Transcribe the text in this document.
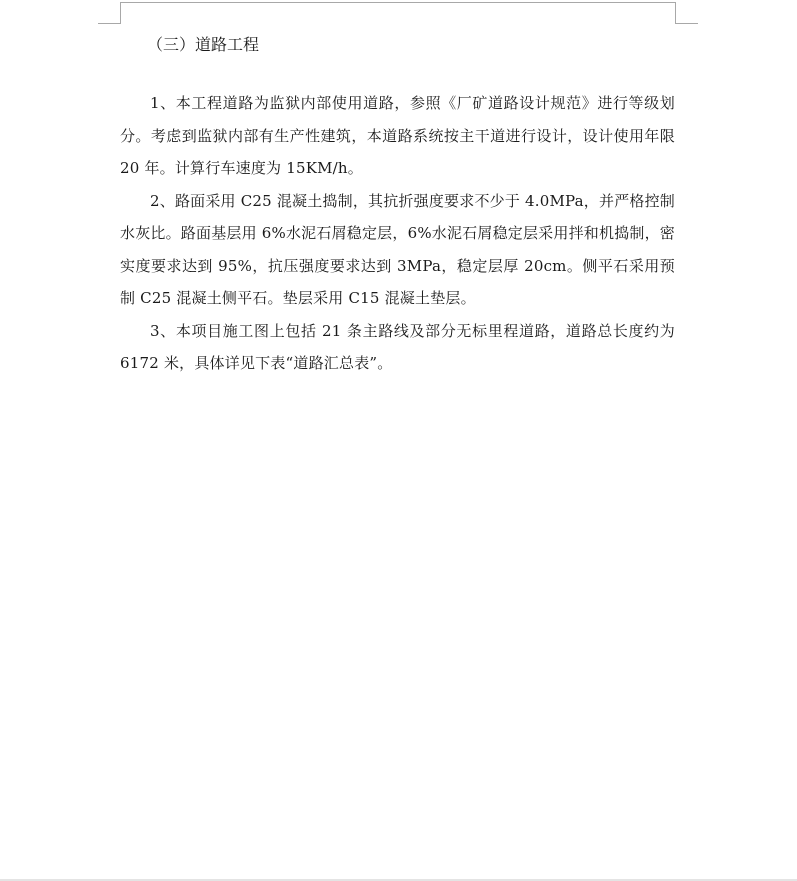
（三）道路工程

1、本工程道路为监狱内部使用道路，参照《厂矿道路设计规范》进行等级划分。考虑到监狱内部有生产性建筑，本道路系统按主干道进行设计，设计使用年限 20 年。计算行车速度为 15KM/h。

2、路面采用 C25 混凝土捣制，其抗折强度要求不少于 4.0MPa，并严格控制水灰比。路面基层用 6%水泥石屑稳定层，6%水泥石屑稳定层采用拌和机捣制，密实度要求达到 95%，抗压强度要求达到 3MPa，稳定层厚 20cm。侧平石采用预制 C25 混凝土侧平石。垫层采用 C15 混凝土垫层。

3、本项目施工图上包括 21 条主路线及部分无标里程道路，道路总长度约为 6172 米，具体详见下表“道路汇总表”。
